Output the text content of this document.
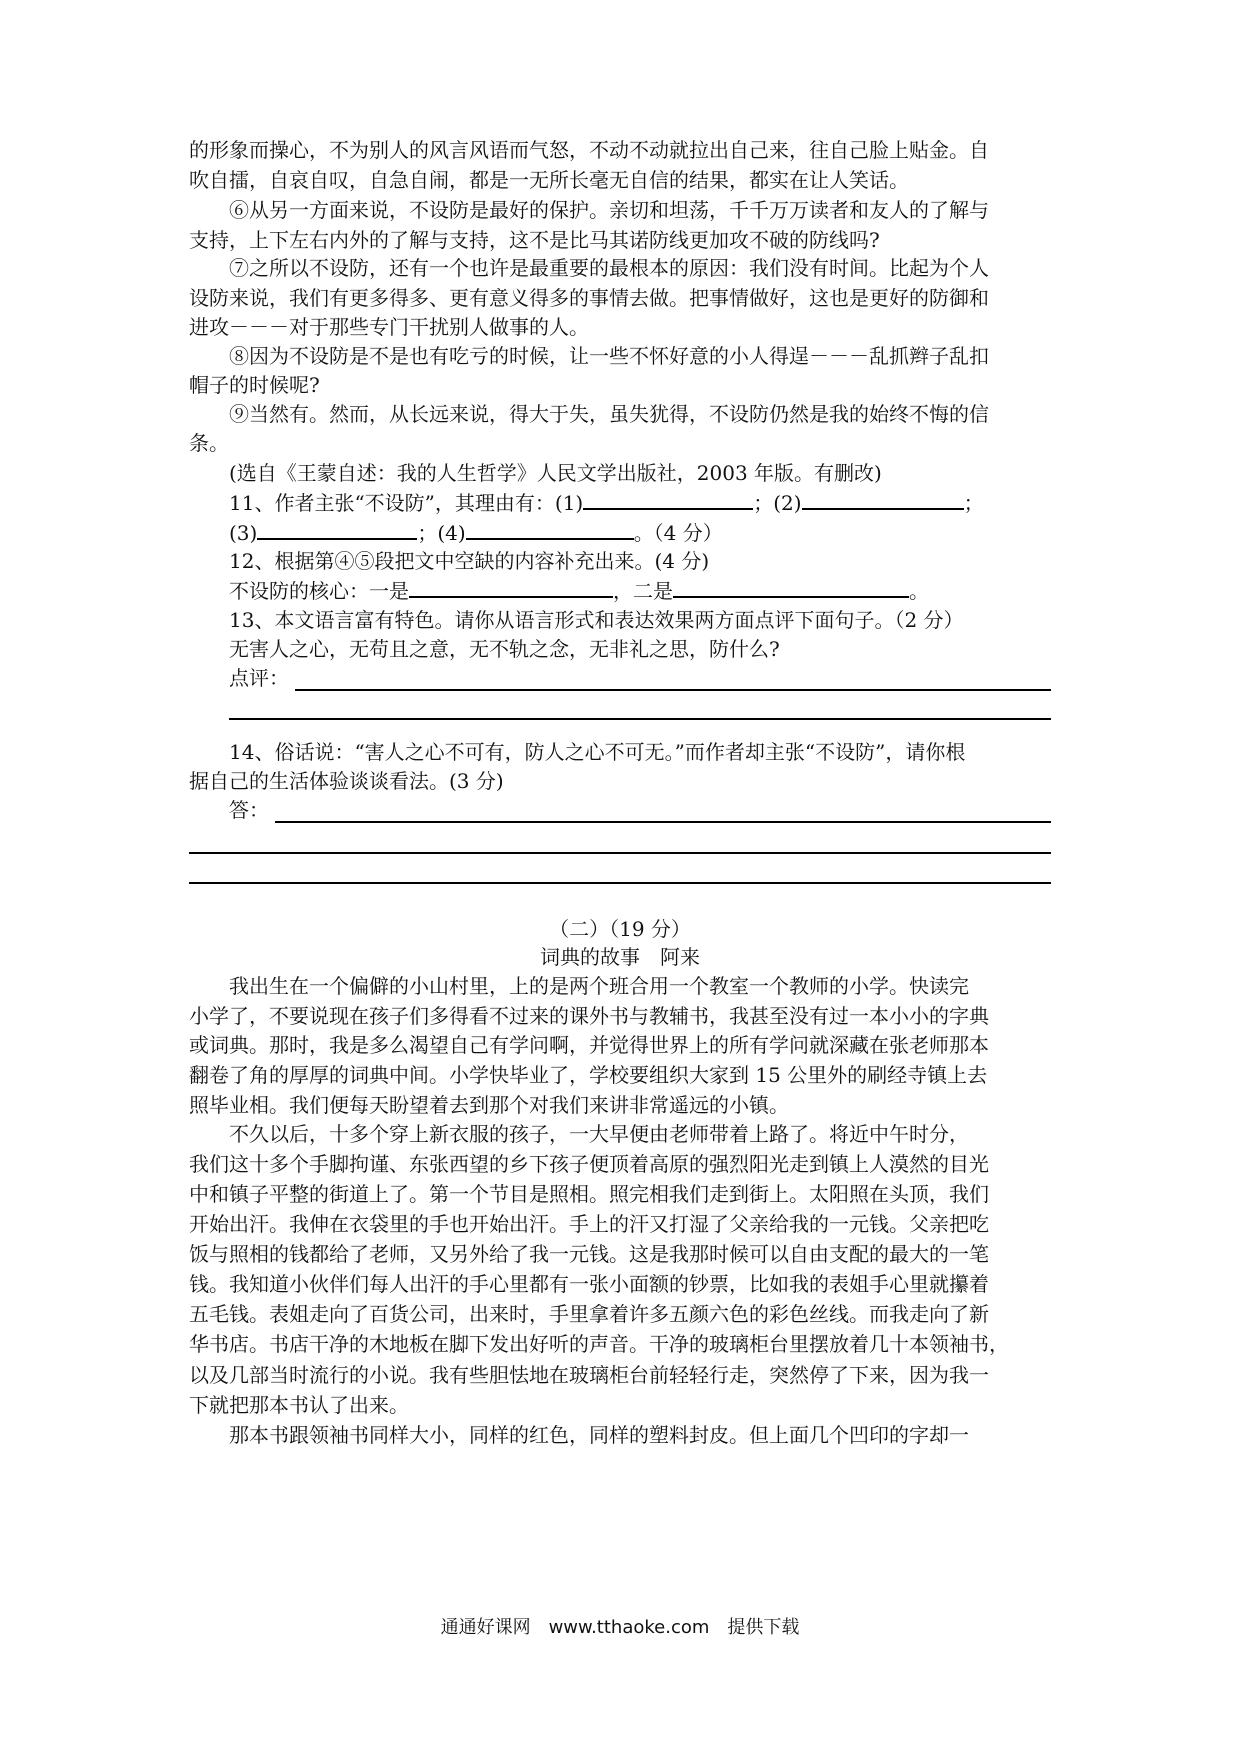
的形象而操心，不为别人的风言风语而气怒，不动不动就拉出自己来，往自己脸上贴金。自
吹自擂，自哀自叹，自急自闹，都是一无所长毫无自信的结果，都实在让人笑话。
⑥从另一方面来说，不设防是最好的保护。亲切和坦荡，千千万万读者和友人的了解与
支持，上下左右内外的了解与支持，这不是比马其诺防线更加攻不破的防线吗?
⑦之所以不设防，还有一个也许是最重要的最根本的原因：我们没有时间。比起为个人
设防来说，我们有更多得多、更有意义得多的事情去做。把事情做好，这也是更好的防御和
进攻－－－对于那些专门干扰别人做事的人。
⑧因为不设防是不是也有吃亏的时候，让一些不怀好意的小人得逞－－－乱抓辫子乱扣
帽子的时候呢?
⑨当然有。然而，从长远来说，得大于失，虽失犹得，不设防仍然是我的始终不悔的信
条。
(选自《王蒙自述：我的人生哲学》人民文学出版社，2003 年版。有删改)
11、作者主张“不设防”，其理由有：(1)	；(2)	；
(3)	；(4)	。（4 分）
12、根据第④⑤段把文中空缺的内容补充出来。(4 分)
不设防的核心：一是	，二是	。
13、本文语言富有特色。请你从语言形式和表达效果两方面点评下面句子。（2 分）
无害人之心，无苟且之意，无不轨之念，无非礼之思，防什么?
点评：
14、俗话说：“害人之心不可有，防人之心不可无。”而作者却主张“不设防”，请你根
据自己的生活体验谈谈看法。(3 分)
答：
（二）（19 分）
词典的故事　阿来
我出生在一个偏僻的小山村里，上的是两个班合用一个教室一个教师的小学。快读完
小学了，不要说现在孩子们多得看不过来的课外书与教辅书，我甚至没有过一本小小的字典
或词典。那时，我是多么渴望自己有学问啊，并觉得世界上的所有学问就深藏在张老师那本
翻卷了角的厚厚的词典中间。小学快毕业了，学校要组织大家到 15 公里外的刷经寺镇上去
照毕业相。我们便每天盼望着去到那个对我们来讲非常遥远的小镇。
不久以后，十多个穿上新衣服的孩子，一大早便由老师带着上路了。将近中午时分，
我们这十多个手脚拘谨、东张西望的乡下孩子便顶着高原的强烈阳光走到镇上人漠然的目光
中和镇子平整的街道上了。第一个节目是照相。照完相我们走到街上。太阳照在头顶，我们
开始出汗。我伸在衣袋里的手也开始出汗。手上的汗又打湿了父亲给我的一元钱。父亲把吃
饭与照相的钱都给了老师，又另外给了我一元钱。这是我那时候可以自由支配的最大的一笔
钱。我知道小伙伴们每人出汗的手心里都有一张小面额的钞票，比如我的表姐手心里就攥着
五毛钱。表姐走向了百货公司，出来时，手里拿着许多五颜六色的彩色丝线。而我走向了新
华书店。书店干净的木地板在脚下发出好听的声音。干净的玻璃柜台里摆放着几十本领袖书，
以及几部当时流行的小说。我有些胆怯地在玻璃柜台前轻轻行走，突然停了下来，因为我一
下就把那本书认了出来。
那本书跟领袖书同样大小，同样的红色，同样的塑料封皮。但上面几个凹印的字却一
通通好课网　www.tthaoke.com　提供下载
